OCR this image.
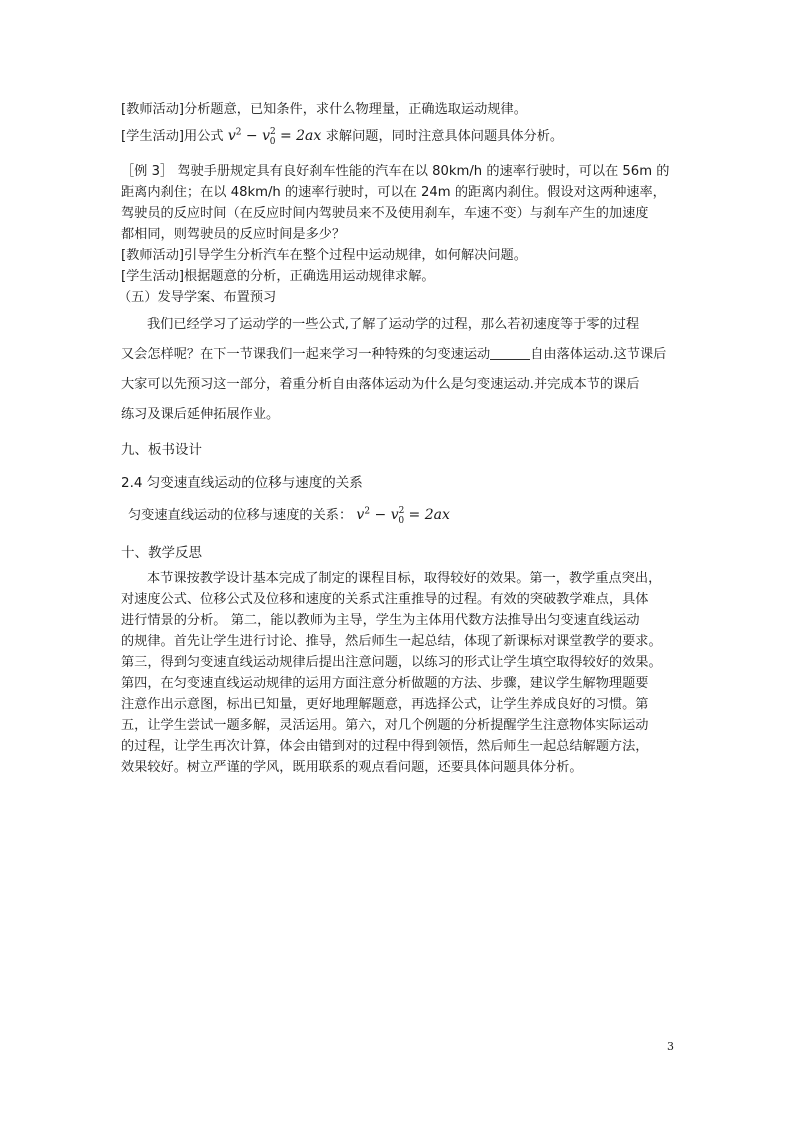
[教师活动]分析题意，已知条件，求什么物理量，正确选取运动规律。
[学生活动]用公式 $v^2 - v^2_0 = 2ax$ 求解问题，同时注意具体问题具体分析。
［例 3］ 驾驶手册规定具有良好刹车性能的汽车在以 80km/h 的速率行驶时，可以在 56m 的
距离内刹住；在以 48km/h 的速率行驶时，可以在 24m 的距离内刹住。假设对这两种速率，
驾驶员的反应时间（在反应时间内驾驶员来不及使用刹车，车速不变）与刹车产生的加速度
都相同，则驾驶员的反应时间是多少？
[教师活动]引导学生分析汽车在整个过程中运动规律，如何解决问题。
[学生活动]根据题意的分析，正确选用运动规律求解。
（五）发导学案、布置预习
我们已经学习了运动学的一些公式,了解了运动学的过程，那么若初速度等于零的过程
又会怎样呢？在下一节课我们一起来学习一种特殊的匀变速运动	自由落体运动.这节课后
大家可以先预习这一部分，着重分析自由落体运动为什么是匀变速运动.并完成本节的课后
练习及课后延伸拓展作业。
九、板书设计
2.4 匀变速直线运动的位移与速度的关系
匀变速直线运动的位移与速度的关系： $v^2 - v^2_0 = 2ax$
十、教学反思
本节课按教学设计基本完成了制定的课程目标，取得较好的效果。第一，教学重点突出，
对速度公式、位移公式及位移和速度的关系式注重推导的过程。有效的突破教学难点，具体
进行情景的分析。 第二，能以教师为主导，学生为主体用代数方法推导出匀变速直线运动
的规律。首先让学生进行讨论、推导，然后师生一起总结，体现了新课标对课堂教学的要求。
第三，得到匀变速直线运动规律后提出注意问题，以练习的形式让学生填空取得较好的效果。
第四，在匀变速直线运动规律的运用方面注意分析做题的方法、步骤，建议学生解物理题要
注意作出示意图，标出已知量，更好地理解题意，再选择公式，让学生养成良好的习惯。第
五，让学生尝试一题多解，灵活运用。第六，对几个例题的分析提醒学生注意物体实际运动
的过程，让学生再次计算，体会由错到对的过程中得到领悟，然后师生一起总结解题方法，
效果较好。树立严谨的学风，既用联系的观点看问题，还要具体问题具体分析。
3
